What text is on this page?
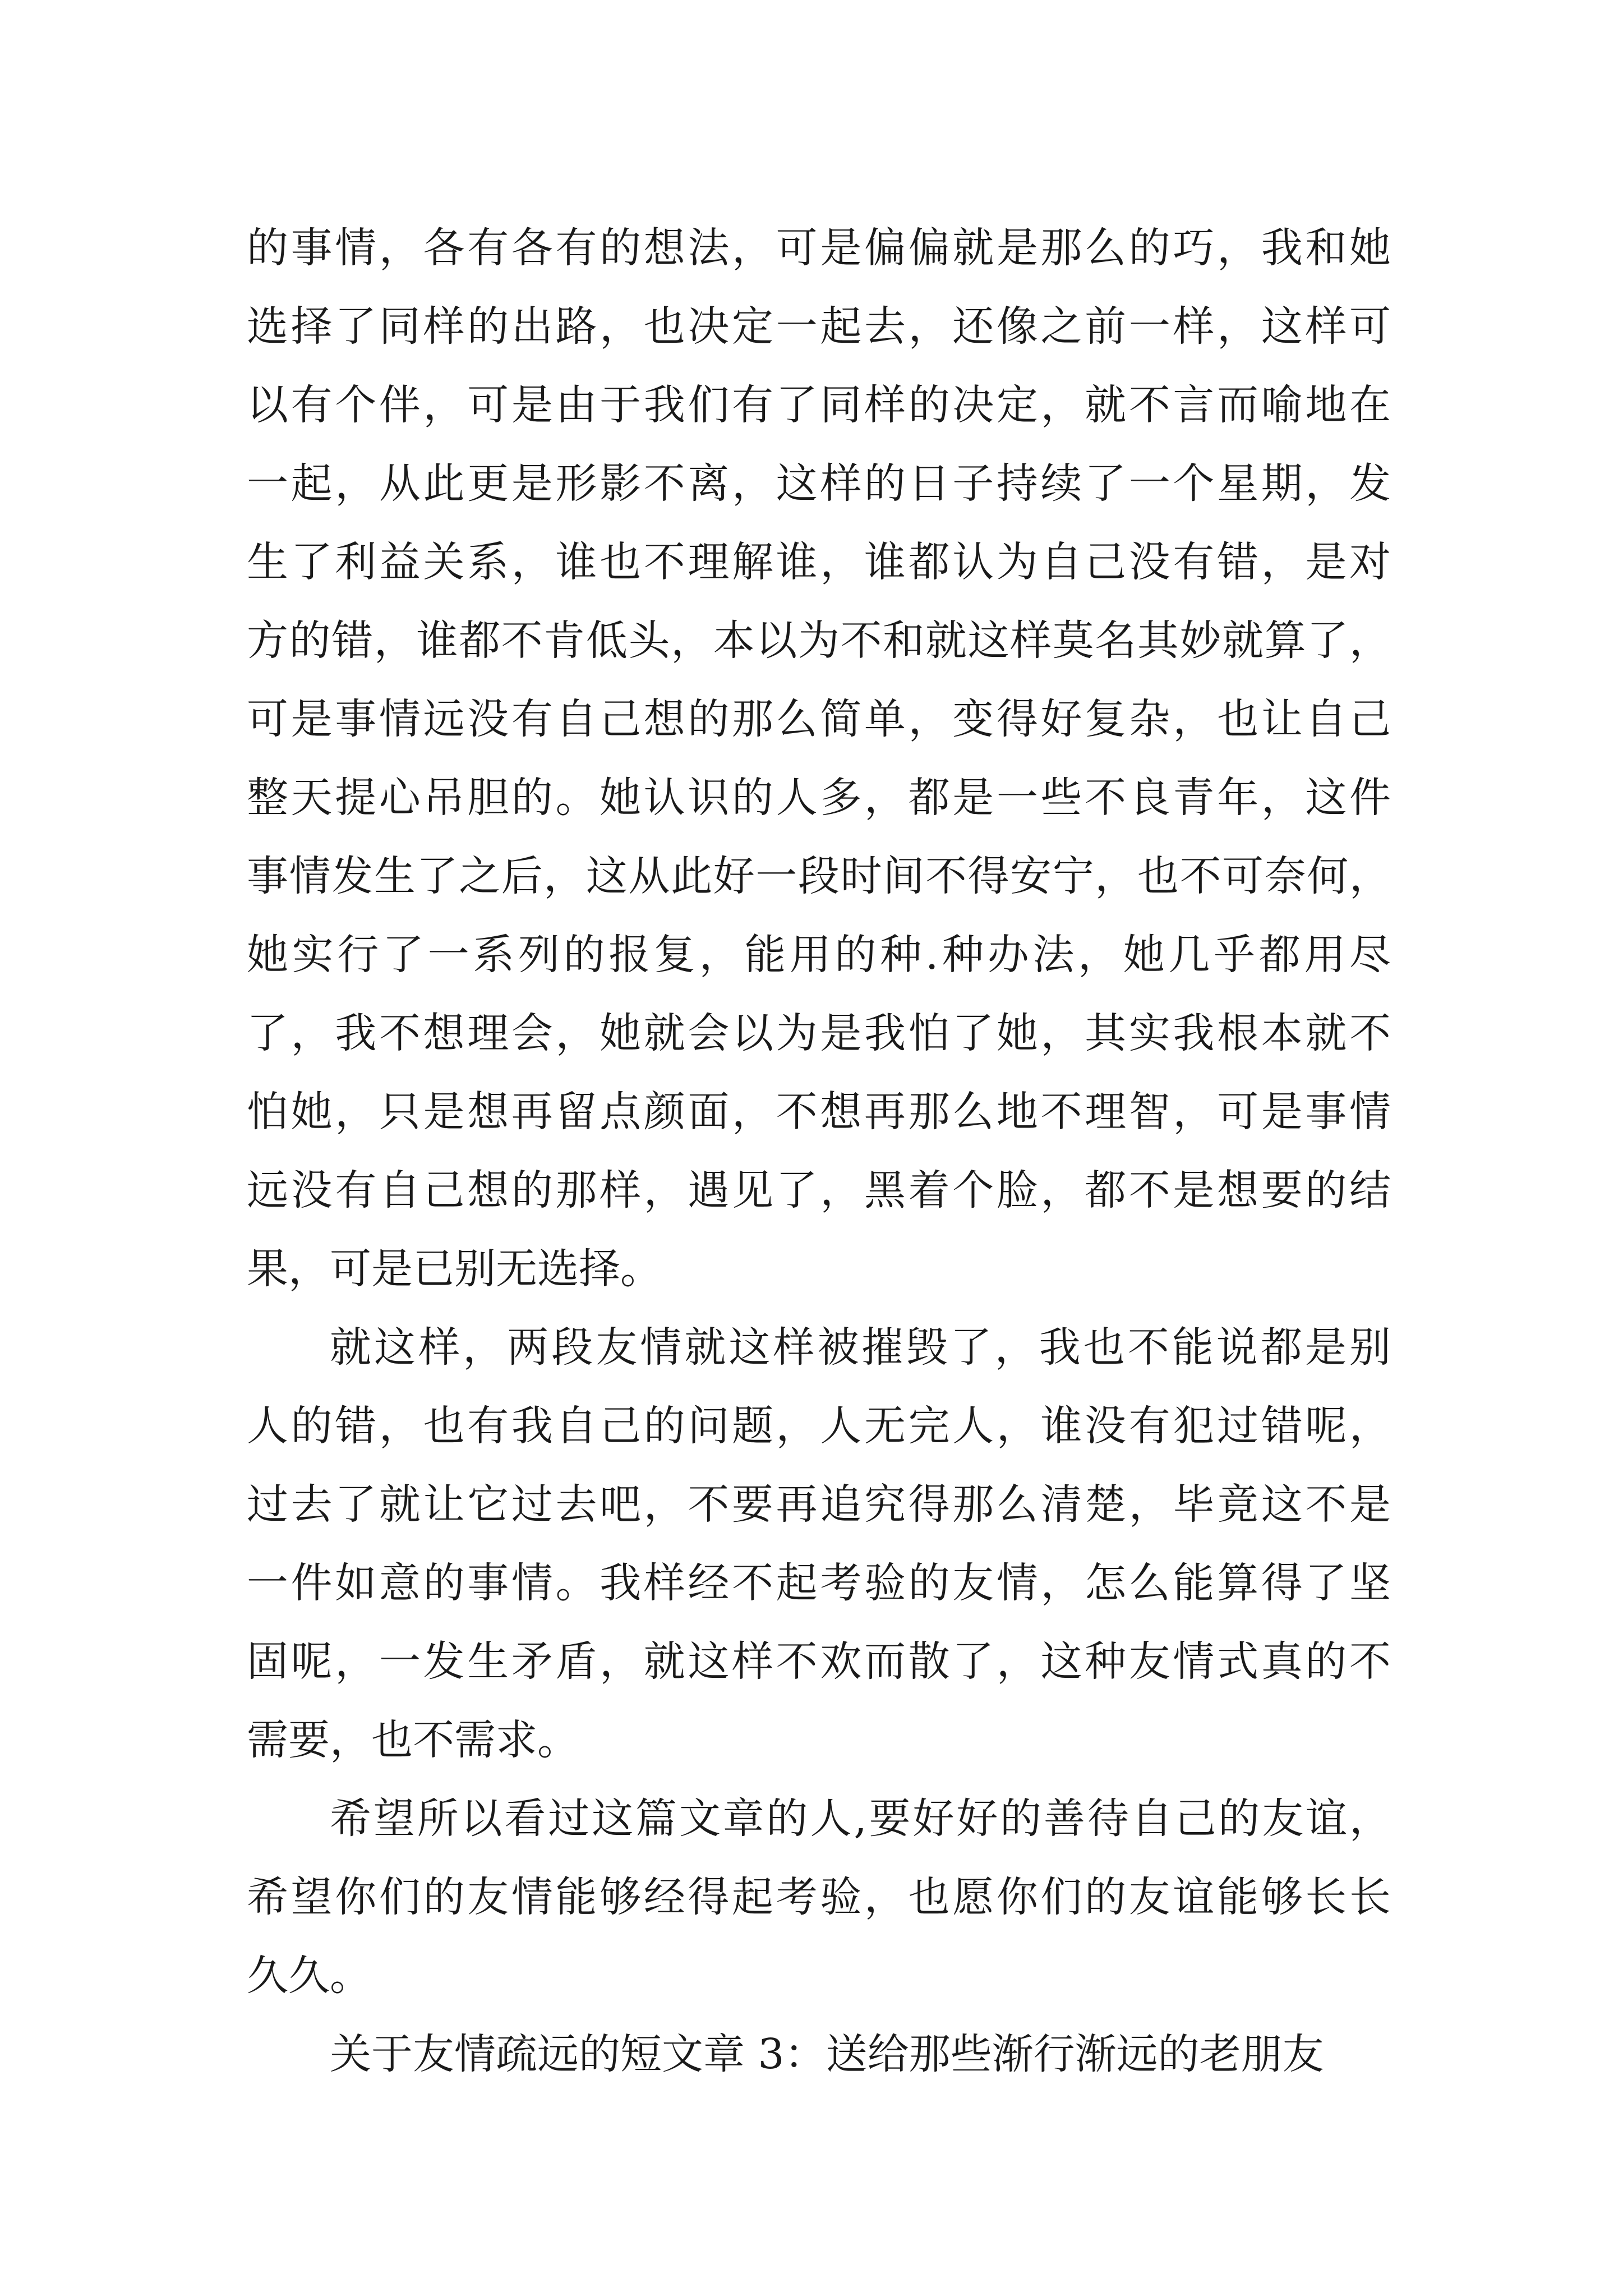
的事情，各有各有的想法，可是偏偏就是那么的巧，我和她
选择了同样的出路，也决定一起去，还像之前一样，这样可
以有个伴，可是由于我们有了同样的决定，就不言而喻地在
一起，从此更是形影不离，这样的日子持续了一个星期，发
生了利益关系，谁也不理解谁，谁都认为自己没有错，是对
方的错，谁都不肯低头，本以为不和就这样莫名其妙就算了，
可是事情远没有自己想的那么简单，变得好复杂，也让自己
整天提心吊胆的。她认识的人多，都是一些不良青年，这件
事情发生了之后，这从此好一段时间不得安宁，也不可奈何，
她实行了一系列的报复，能用的种.种办法，她几乎都用尽
了，我不想理会，她就会以为是我怕了她，其实我根本就不
怕她，只是想再留点颜面，不想再那么地不理智，可是事情
远没有自己想的那样，遇见了，黑着个脸，都不是想要的结
果，可是已别无选择。
就这样，两段友情就这样被摧毁了，我也不能说都是别
人的错，也有我自己的问题，人无完人，谁没有犯过错呢，
过去了就让它过去吧，不要再追究得那么清楚，毕竟这不是
一件如意的事情。我样经不起考验的友情，怎么能算得了坚
固呢，一发生矛盾，就这样不欢而散了，这种友情式真的不
需要，也不需求。
希望所以看过这篇文章的人,要好好的善待自己的友谊，
希望你们的友情能够经得起考验，也愿你们的友谊能够长长
久久。
关于友情疏远的短文章 3：送给那些渐行渐远的老朋友
